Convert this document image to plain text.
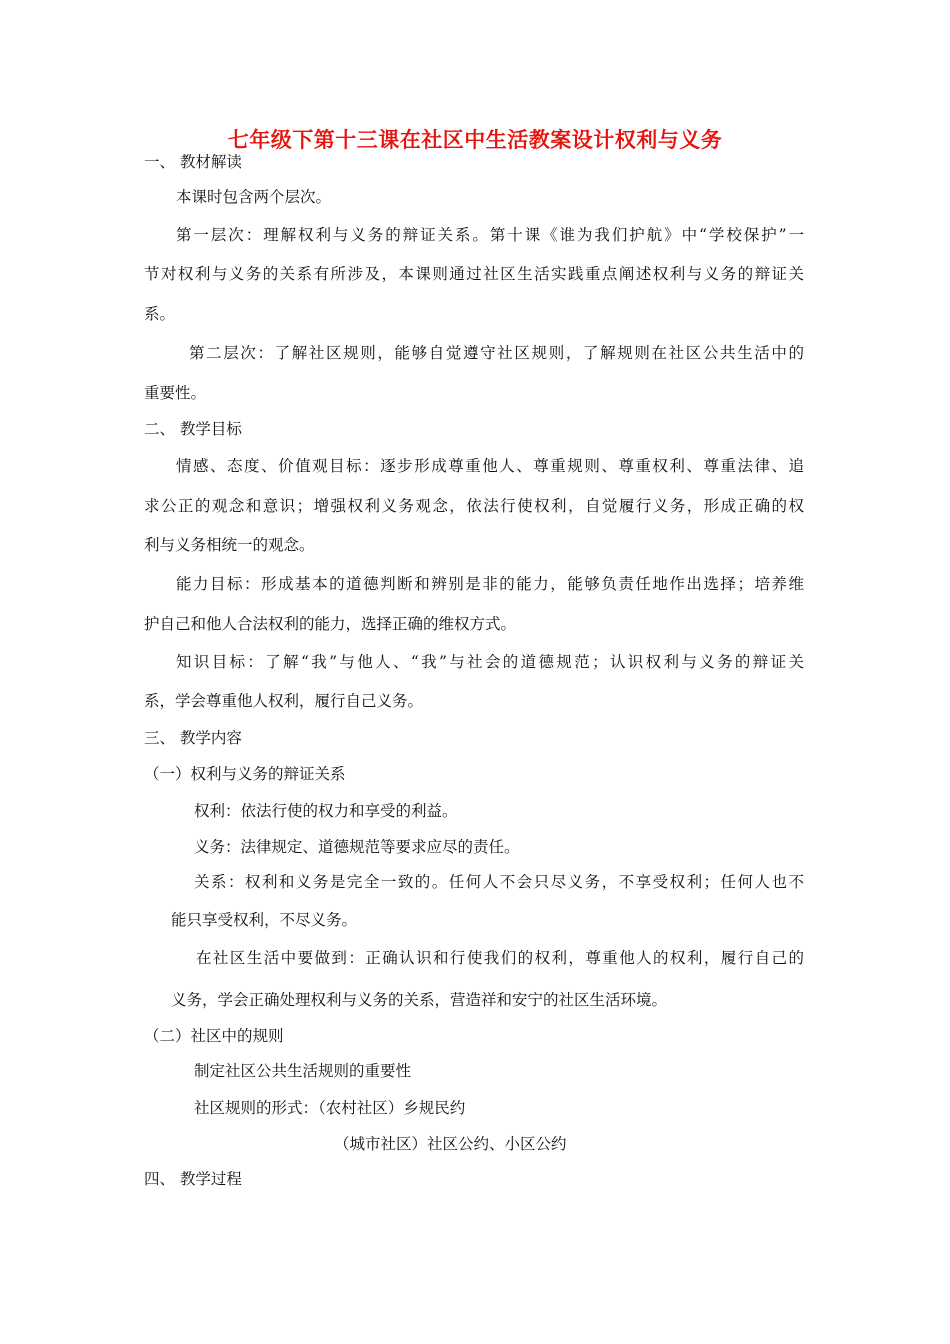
七年级下第十三课在社区中生活教案设计权利与义务
一、 教材解读
本课时包含两个层次。
第一层次：理解权利与义务的辩证关系。第十课《谁为我们护航》中“学校保护”一
节对权利与义务的关系有所涉及，本课则通过社区生活实践重点阐述权利与义务的辩证关
系。
第二层次：了解社区规则，能够自觉遵守社区规则，了解规则在社区公共生活中的
重要性。
二、 教学目标
情感、态度、价值观目标：逐步形成尊重他人、尊重规则、尊重权利、尊重法律、追
求公正的观念和意识；增强权利义务观念，依法行使权利，自觉履行义务，形成正确的权
利与义务相统一的观念。
能力目标：形成基本的道德判断和辨别是非的能力，能够负责任地作出选择；培养维
护自己和他人合法权利的能力，选择正确的维权方式。
知识目标：了解“我”与他人、“我”与社会的道德规范；认识权利与义务的辩证关
系，学会尊重他人权利，履行自己义务。
三、 教学内容
（一）权利与义务的辩证关系
权利：依法行使的权力和享受的利益。
义务：法律规定、道德规范等要求应尽的责任。
关系：权利和义务是完全一致的。任何人不会只尽义务，不享受权利；任何人也不
能只享受权利，不尽义务。
在社区生活中要做到：正确认识和行使我们的权利，尊重他人的权利，履行自己的
义务，学会正确处理权利与义务的关系，营造祥和安宁的社区生活环境。
（二）社区中的规则
制定社区公共生活规则的重要性
社区规则的形式：（农村社区）乡规民约
（城市社区）社区公约、小区公约
四、 教学过程
